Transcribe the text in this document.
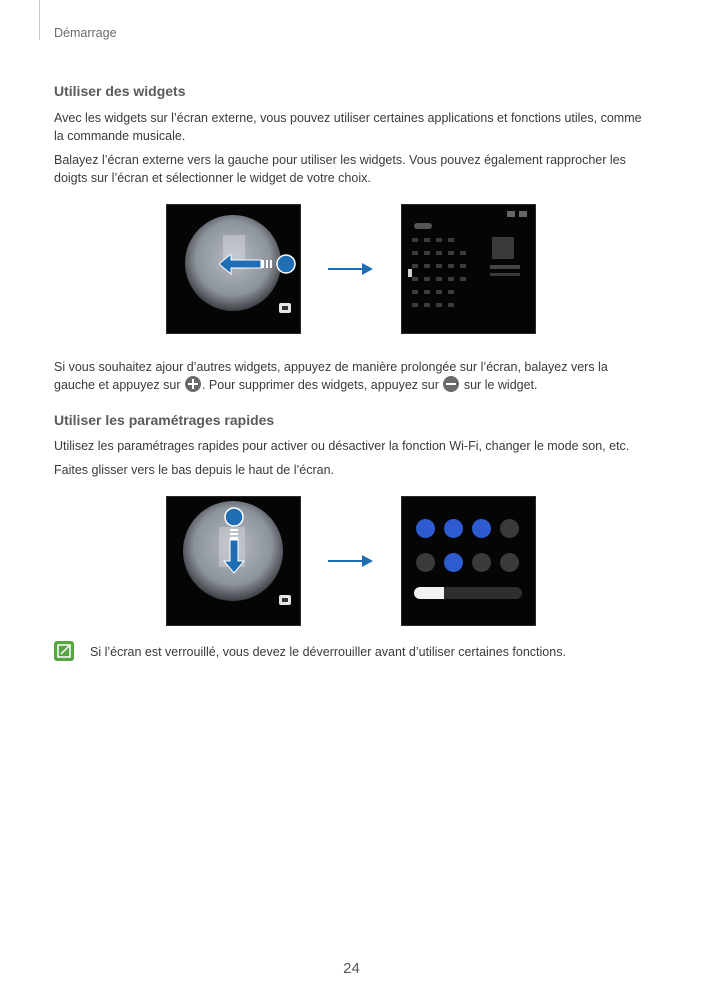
Démarrage
Utiliser des widgets
Avec les widgets sur l’écran externe, vous pouvez utiliser certaines applications et fonctions utiles, comme la commande musicale.
Balayez l’écran externe vers la gauche pour utiliser les widgets. Vous pouvez également rapprocher les doigts sur l’écran et sélectionner le widget de votre choix.
Si vous souhaitez ajour d’autres widgets, appuyez de manière prolongée sur l’écran, balayez vers la gauche et appuyez sur . Pour supprimer des widgets, appuyez sur sur le widget.
Utiliser les paramétrages rapides
Utilisez les paramétrages rapides pour activer ou désactiver la fonction Wi-Fi, changer le mode son, etc.
Faites glisser vers le bas depuis le haut de l’écran.
Si l’écran est verrouillé, vous devez le déverrouiller avant d’utiliser certaines fonctions.
24
